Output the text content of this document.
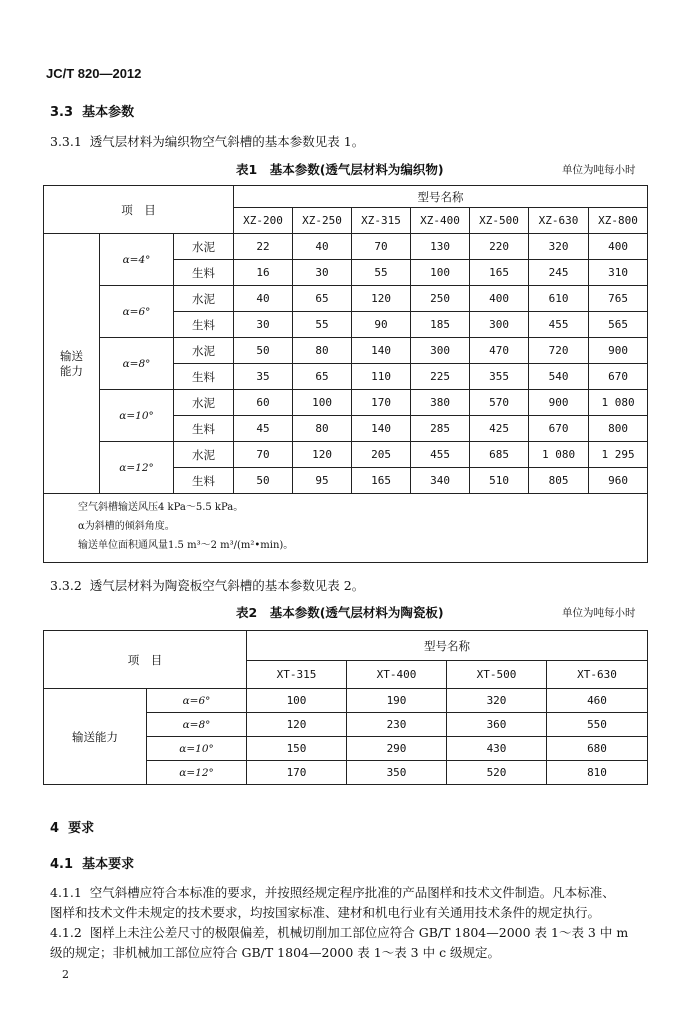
JC/T 820—2012
3.3 基本参数
3.3.1 透气层材料为编织物空气斜槽的基本参数见表 1。
表1　基本参数(透气层材料为编织物)	单位为吨每小时
项　目			型号名称						
			XZ-200	XZ-250	XZ-315	XZ-400	XZ-500	XZ-630	XZ-800
输送能力	α=4°	水泥	22	40	70	130	220	320	400
		生料	16	30	55	100	165	245	310
	α=6°	水泥	40	65	120	250	400	610	765
		生料	30	55	90	185	300	455	565
	α=8°	水泥	50	80	140	300	470	720	900
		生料	35	65	110	225	355	540	670
	α=10°	水泥	60	100	170	380	570	900	1 080
		生料	45	80	140	285	425	670	800
	α=12°	水泥	70	120	205	455	685	1 080	1 295
		生料	50	95	165	340	510	805	960

空气斜槽输送风压4 kPa～5.5 kPa。
α为斜槽的倾斜角度。
输送单位面积通风量1.5 m³～2 m³/(m²•min)。									
3.3.2 透气层材料为陶瓷板空气斜槽的基本参数见表 2。
表2　基本参数(透气层材料为陶瓷板)	单位为吨每小时
项　目		型号名称			
		XT-315	XT-400	XT-500	XT-630
输送能力	α=6°	100	190	320	460
	α=8°	120	230	360	550
	α=10°	150	290	430	680
	α=12°	170	350	520	810
4 要求
4.1 基本要求
4.1.1 空气斜槽应符合本标准的要求，并按照经规定程序批准的产品图样和技术文件制造。凡本标准、
图样和技术文件未规定的技术要求，均按国家标准、建材和机电行业有关通用技术条件的规定执行。
4.1.2 图样上未注公差尺寸的极限偏差，机械切削加工部位应符合 GB/T 1804—2000 表 1～表 3 中 m
级的规定；非机械加工部位应符合 GB/T 1804—2000 表 1～表 3 中 c 级规定。
2
